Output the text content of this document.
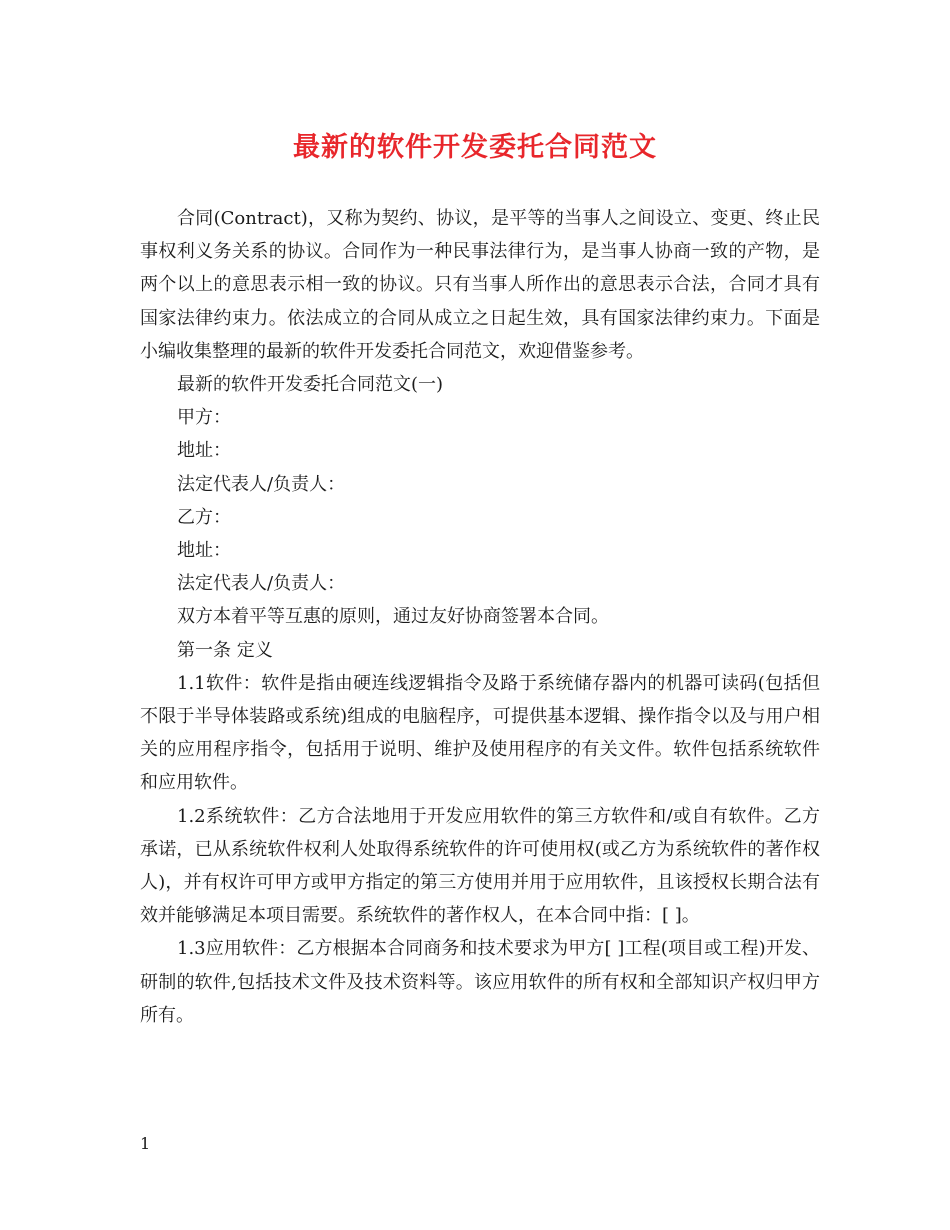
最新的软件开发委托合同范文

合同(Contract)，又称为契约、协议，是平等的当事人之间设立、变更、终止民事权利义务关系的协议。合同作为一种民事法律行为，是当事人协商一致的产物，是两个以上的意思表示相一致的协议。只有当事人所作出的意思表示合法，合同才具有国家法律约束力。依法成立的合同从成立之日起生效，具有国家法律约束力。下面是小编收集整理的最新的软件开发委托合同范文，欢迎借鉴参考。

最新的软件开发委托合同范文(一)

甲方：

地址：

法定代表人/负责人：

乙方：

地址：

法定代表人/负责人：

双方本着平等互惠的原则，通过友好协商签署本合同。

第一条 定义

1.1软件：软件是指由硬连线逻辑指令及路于系统储存器内的机器可读码(包括但不限于半导体装路或系统)组成的电脑程序，可提供基本逻辑、操作指令以及与用户相关的应用程序指令，包括用于说明、维护及使用程序的有关文件。软件包括系统软件和应用软件。

1.2系统软件：乙方合法地用于开发应用软件的第三方软件和/或自有软件。乙方承诺，已从系统软件权利人处取得系统软件的许可使用权(或乙方为系统软件的著作权人)，并有权许可甲方或甲方指定的第三方使用并用于应用软件，且该授权长期合法有效并能够满足本项目需要。系统软件的著作权人，在本合同中指：[ ]。

1.3应用软件：乙方根据本合同商务和技术要求为甲方[ ]工程(项目或工程)开发、研制的软件,包括技术文件及技术资料等。该应用软件的所有权和全部知识产权归甲方所有。

1
